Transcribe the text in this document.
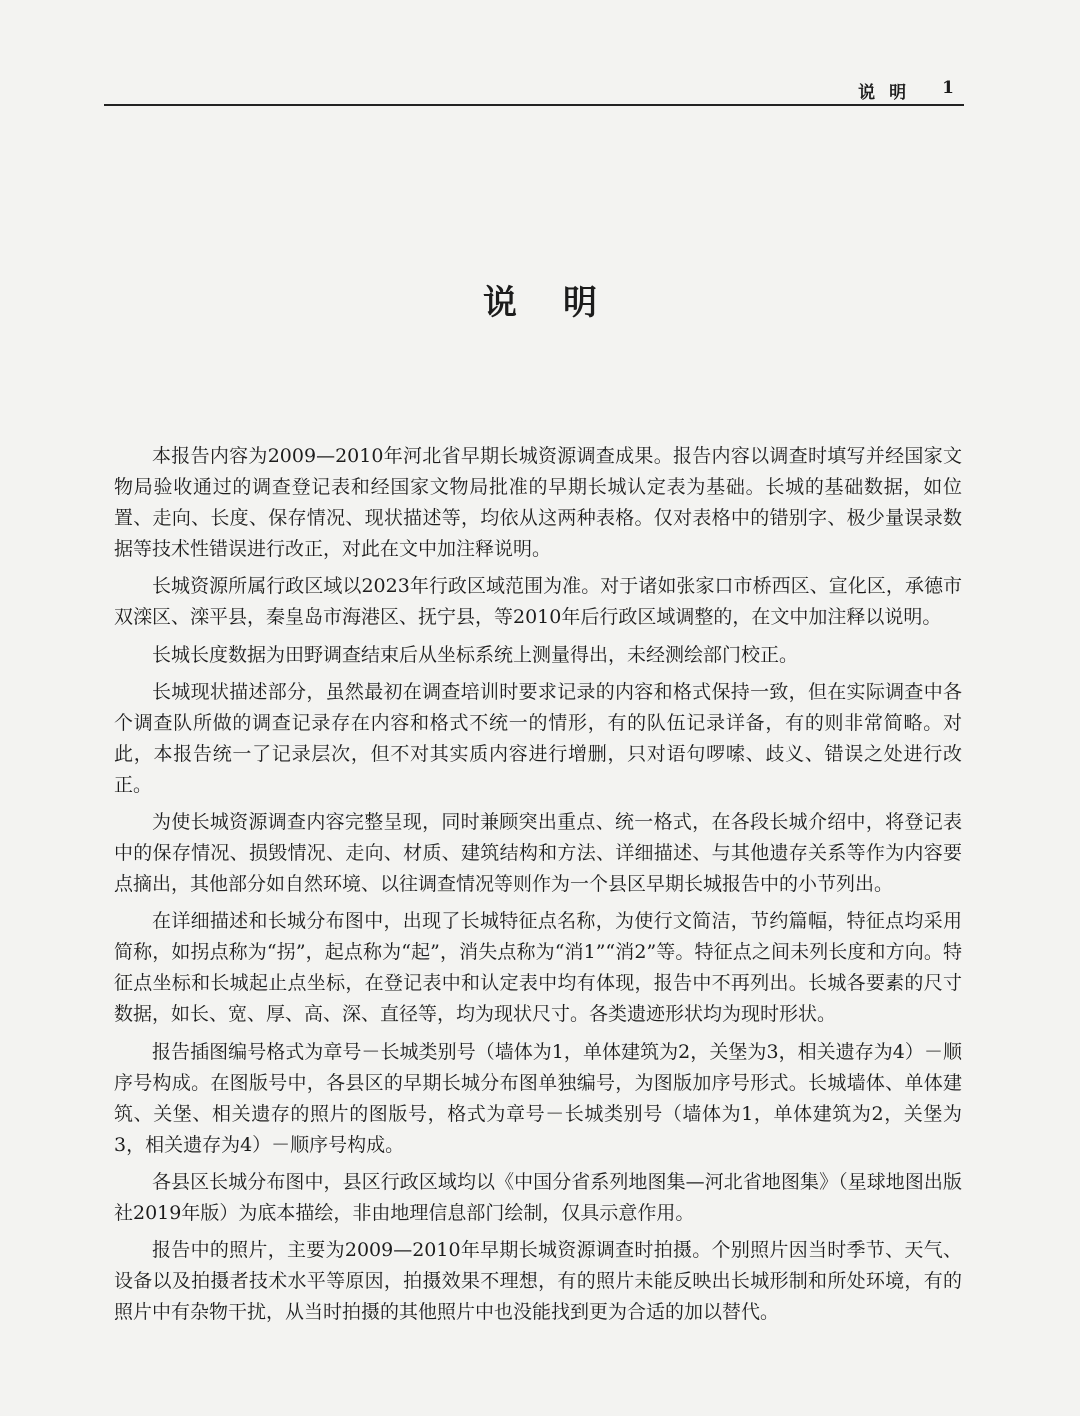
说明 1
说明

本报告内容为2009—2010年河北省早期长城资源调查成果。报告内容以调查时填写并经国家文物局验收通过的调查登记表和经国家文物局批准的早期长城认定表为基础。长城的基础数据，如位置、走向、长度、保存情况、现状描述等，均依从这两种表格。仅对表格中的错别字、极少量误录数据等技术性错误进行改正，对此在文中加注释说明。

长城资源所属行政区域以2023年行政区域范围为准。对于诸如张家口市桥西区、宣化区，承德市双滦区、滦平县，秦皇岛市海港区、抚宁县，等2010年后行政区域调整的，在文中加注释以说明。

长城长度数据为田野调查结束后从坐标系统上测量得出，未经测绘部门校正。

长城现状描述部分，虽然最初在调查培训时要求记录的内容和格式保持一致，但在实际调查中各个调查队所做的调查记录存在内容和格式不统一的情形，有的队伍记录详备，有的则非常简略。对此，本报告统一了记录层次，但不对其实质内容进行增删，只对语句啰嗦、歧义、错误之处进行改正。

为使长城资源调查内容完整呈现，同时兼顾突出重点、统一格式，在各段长城介绍中，将登记表中的保存情况、损毁情况、走向、材质、建筑结构和方法、详细描述、与其他遗存关系等作为内容要点摘出，其他部分如自然环境、以往调查情况等则作为一个县区早期长城报告中的小节列出。

在详细描述和长城分布图中，出现了长城特征点名称，为使行文简洁，节约篇幅，特征点均采用简称，如拐点称为“拐”，起点称为“起”，消失点称为“消1”“消2”等。特征点之间未列长度和方向。特征点坐标和长城起止点坐标，在登记表中和认定表中均有体现，报告中不再列出。长城各要素的尺寸数据，如长、宽、厚、高、深、直径等，均为现状尺寸。各类遗迹形状均为现时形状。

报告插图编号格式为章号－长城类别号（墙体为1，单体建筑为2，关堡为3，相关遗存为4）－顺序号构成。在图版号中，各县区的早期长城分布图单独编号，为图版加序号形式。长城墙体、单体建筑、关堡、相关遗存的照片的图版号，格式为章号－长城类别号（墙体为1，单体建筑为2，关堡为3，相关遗存为4）－顺序号构成。

各县区长城分布图中，县区行政区域均以《中国分省系列地图集—河北省地图集》（星球地图出版社2019年版）为底本描绘，非由地理信息部门绘制，仅具示意作用。

报告中的照片，主要为2009—2010年早期长城资源调查时拍摄。个别照片因当时季节、天气、设备以及拍摄者技术水平等原因，拍摄效果不理想，有的照片未能反映出长城形制和所处环境，有的照片中有杂物干扰，从当时拍摄的其他照片中也没能找到更为合适的加以替代。
